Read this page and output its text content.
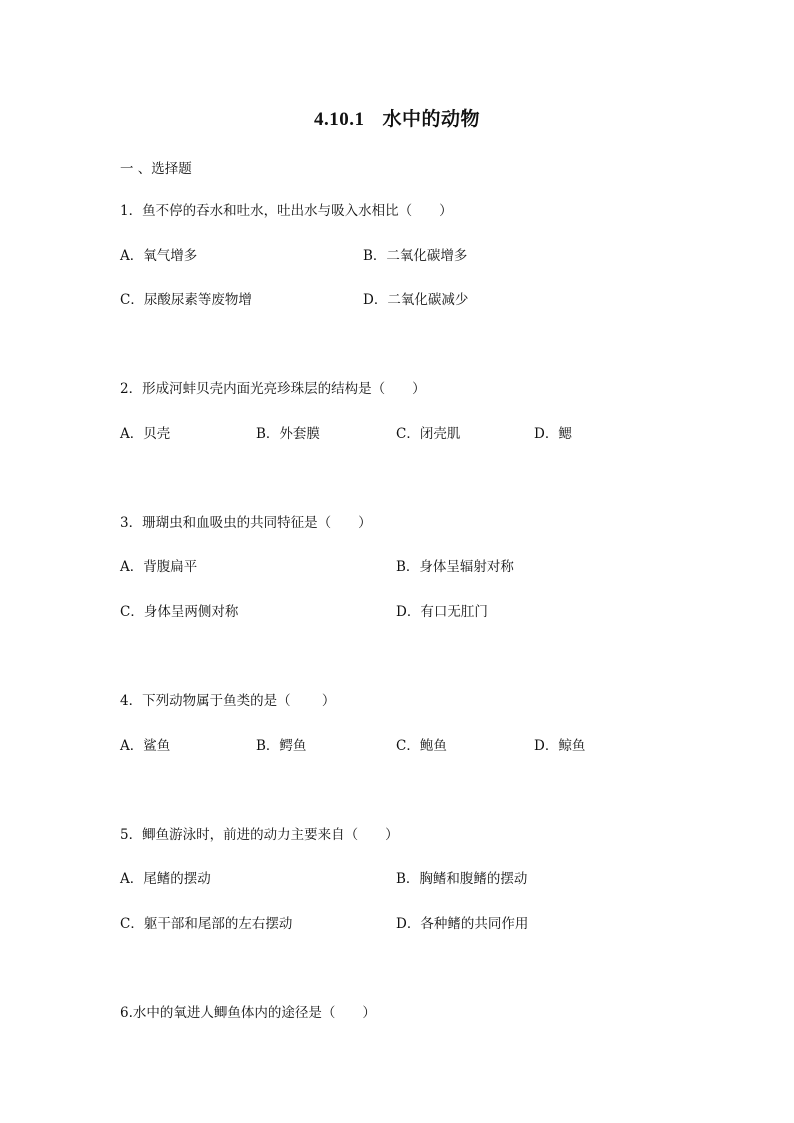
4.10.1 水中的动物
一 、选择题
1．鱼不停的吞水和吐水，吐出水与吸入水相比（　　）
A．氧气增多	B．二氧化碳增多
C．尿酸尿素等废物增	D．二氧化碳减少
2．形成河蚌贝壳内面光亮珍珠层的结构是（　　）
A．贝壳	B．外套膜	C．闭壳肌	D．鳃
3．珊瑚虫和血吸虫的共同特征是（　　）
A．背腹扁平	B．身体呈辐射对称
C．身体呈两侧对称	D．有口无肛门
4．下列动物属于鱼类的是（　　 ）
A．鲨鱼	B．鳄鱼	C．鲍鱼	D．鲸鱼
5．鲫鱼游泳时，前进的动力主要来自（　　）
A．尾鳍的摆动	B．胸鳍和腹鳍的摆动
C．躯干部和尾部的左右摆动	D．各种鳍的共同作用
6.水中的氧进人鲫鱼体内的途径是（　　）
